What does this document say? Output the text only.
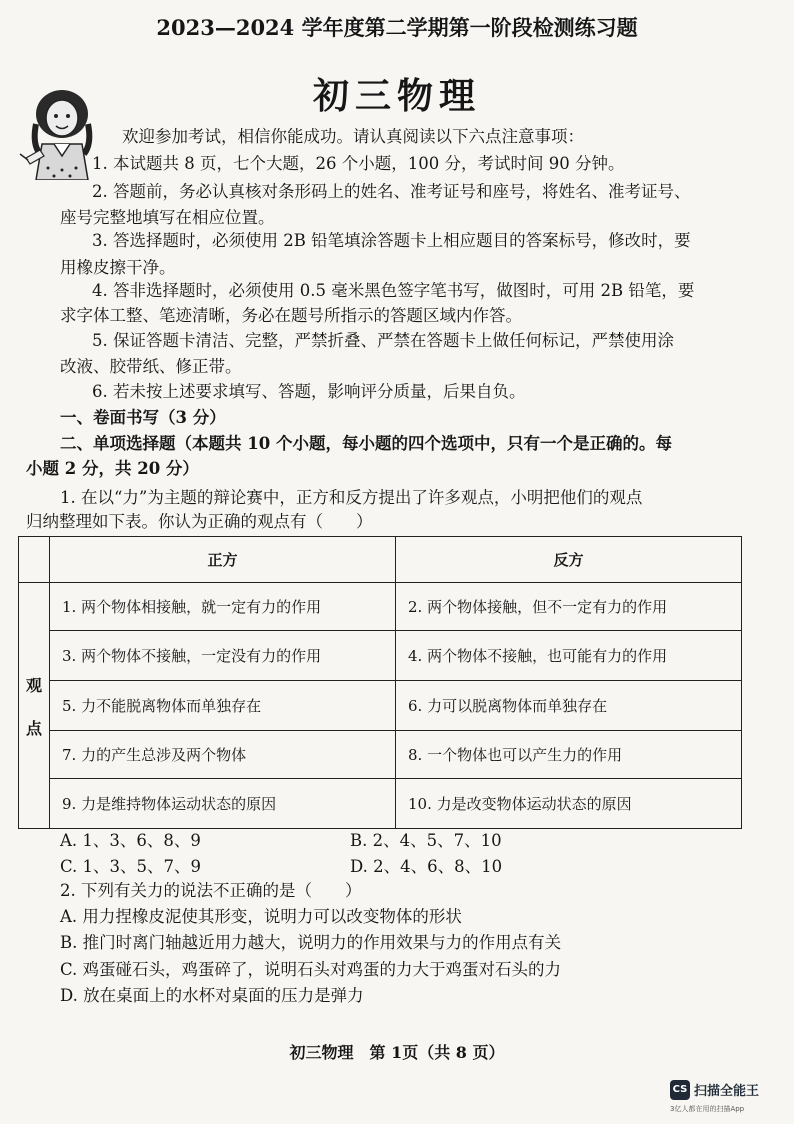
2023—2024 学年度第二学期第一阶段检测练习题
初三物理
欢迎参加考试，相信你能成功。请认真阅读以下六点注意事项：
1. 本试题共 8 页，七个大题，26 个小题，100 分，考试时间 90 分钟。
2. 答题前，务必认真核对条形码上的姓名、准考证号和座号，将姓名、准考证号、
座号完整地填写在相应位置。
3. 答选择题时，必须使用 2B 铅笔填涂答题卡上相应题目的答案标号，修改时，要
用橡皮擦干净。
4. 答非选择题时，必须使用 0.5 毫米黑色签字笔书写，做图时，可用 2B 铅笔，要
求字体工整、笔迹清晰，务必在题号所指示的答题区域内作答。
5. 保证答题卡清洁、完整，严禁折叠、严禁在答题卡上做任何标记，严禁使用涂
改液、胶带纸、修正带。
6. 若未按上述要求填写、答题，影响评分质量，后果自负。
一、卷面书写（3 分）
二、单项选择题（本题共 10 个小题，每小题的四个选项中，只有一个是正确的。每
小题 2 分，共 20 分）
1. 在以“力”为主题的辩论赛中，正方和反方提出了许多观点，小明把他们的观点
归纳整理如下表。你认为正确的观点有（　　）
	正方	反方

观
点	1. 两个物体相接触，就一定有力的作用	2. 两个物体接触，但不一定有力的作用
	3. 两个物体不接触，一定没有力的作用	4. 两个物体不接触，也可能有力的作用
	5. 力不能脱离物体而单独存在	6. 力可以脱离物体而单独存在
	7. 力的产生总涉及两个物体	8. 一个物体也可以产生力的作用
	9. 力是维持物体运动状态的原因	10. 力是改变物体运动状态的原因
A. 1、3、6、8、9	B. 2、4、5、7、10
C. 1、3、5、7、9	D. 2、4、6、8、10
2. 下列有关力的说法不正确的是（　　）
A. 用力捏橡皮泥使其形变，说明力可以改变物体的形状
B. 推门时离门轴越近用力越大，说明力的作用效果与力的作用点有关
C. 鸡蛋碰石头，鸡蛋碎了，说明石头对鸡蛋的力大于鸡蛋对石头的力
D. 放在桌面上的水杯对桌面的压力是弹力
初三物理　第 1页（共 8 页）
CS 扫描全能王
3亿人都在用的扫描App
